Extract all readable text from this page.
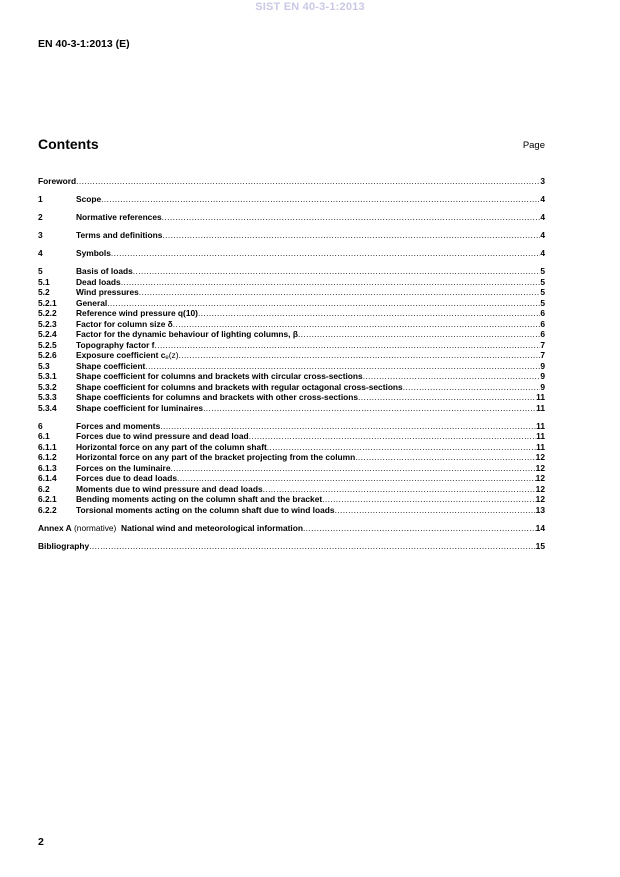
SIST EN 40-3-1:2013
EN 40-3-1:2013 (E)
Contents	Page
Foreword .....	3
1	Scope .....	4
2	Normative references .....	4
3	Terms and definitions .....	4
4	Symbols .....	4
5	Basis of loads .....	5
5.1	Dead loads .....	5
5.2	Wind pressures .....	5
5.2.1	General .....	5
5.2.2	Reference wind pressure q(10) .....	6
5.2.3	Factor for column size δ .....	6
5.2.4	Factor for the dynamic behaviour of lighting columns, β .....	6
5.2.5	Topography factor f .....	7
5.2.6	Exposure coefficient ce(z) .....	7
5.3	Shape coefficient .....	9
5.3.1	Shape coefficient for columns and brackets with circular cross-sections .....	9
5.3.2	Shape coefficient for columns and brackets with regular octagonal cross-sections .....	9
5.3.3	Shape coefficients for columns and brackets with other cross-sections .....	11
5.3.4	Shape coefficient for luminaires .....	11
6	Forces and moments .....	11
6.1	Forces due to wind pressure and dead load .....	11
6.1.1	Horizontal force on any part of the column shaft .....	11
6.1.2	Horizontal force on any part of the bracket projecting from the column .....	12
6.1.3	Forces on the luminaire .....	12
6.1.4	Forces due to dead loads .....	12
6.2	Moments due to wind pressure and dead loads .....	12
6.2.1	Bending moments acting on the column shaft and the bracket .....	12
6.2.2	Torsional moments acting on the column shaft due to wind loads .....	13
Annex A (normative) National wind and meteorological information .....	14
Bibliography .....	15
2
